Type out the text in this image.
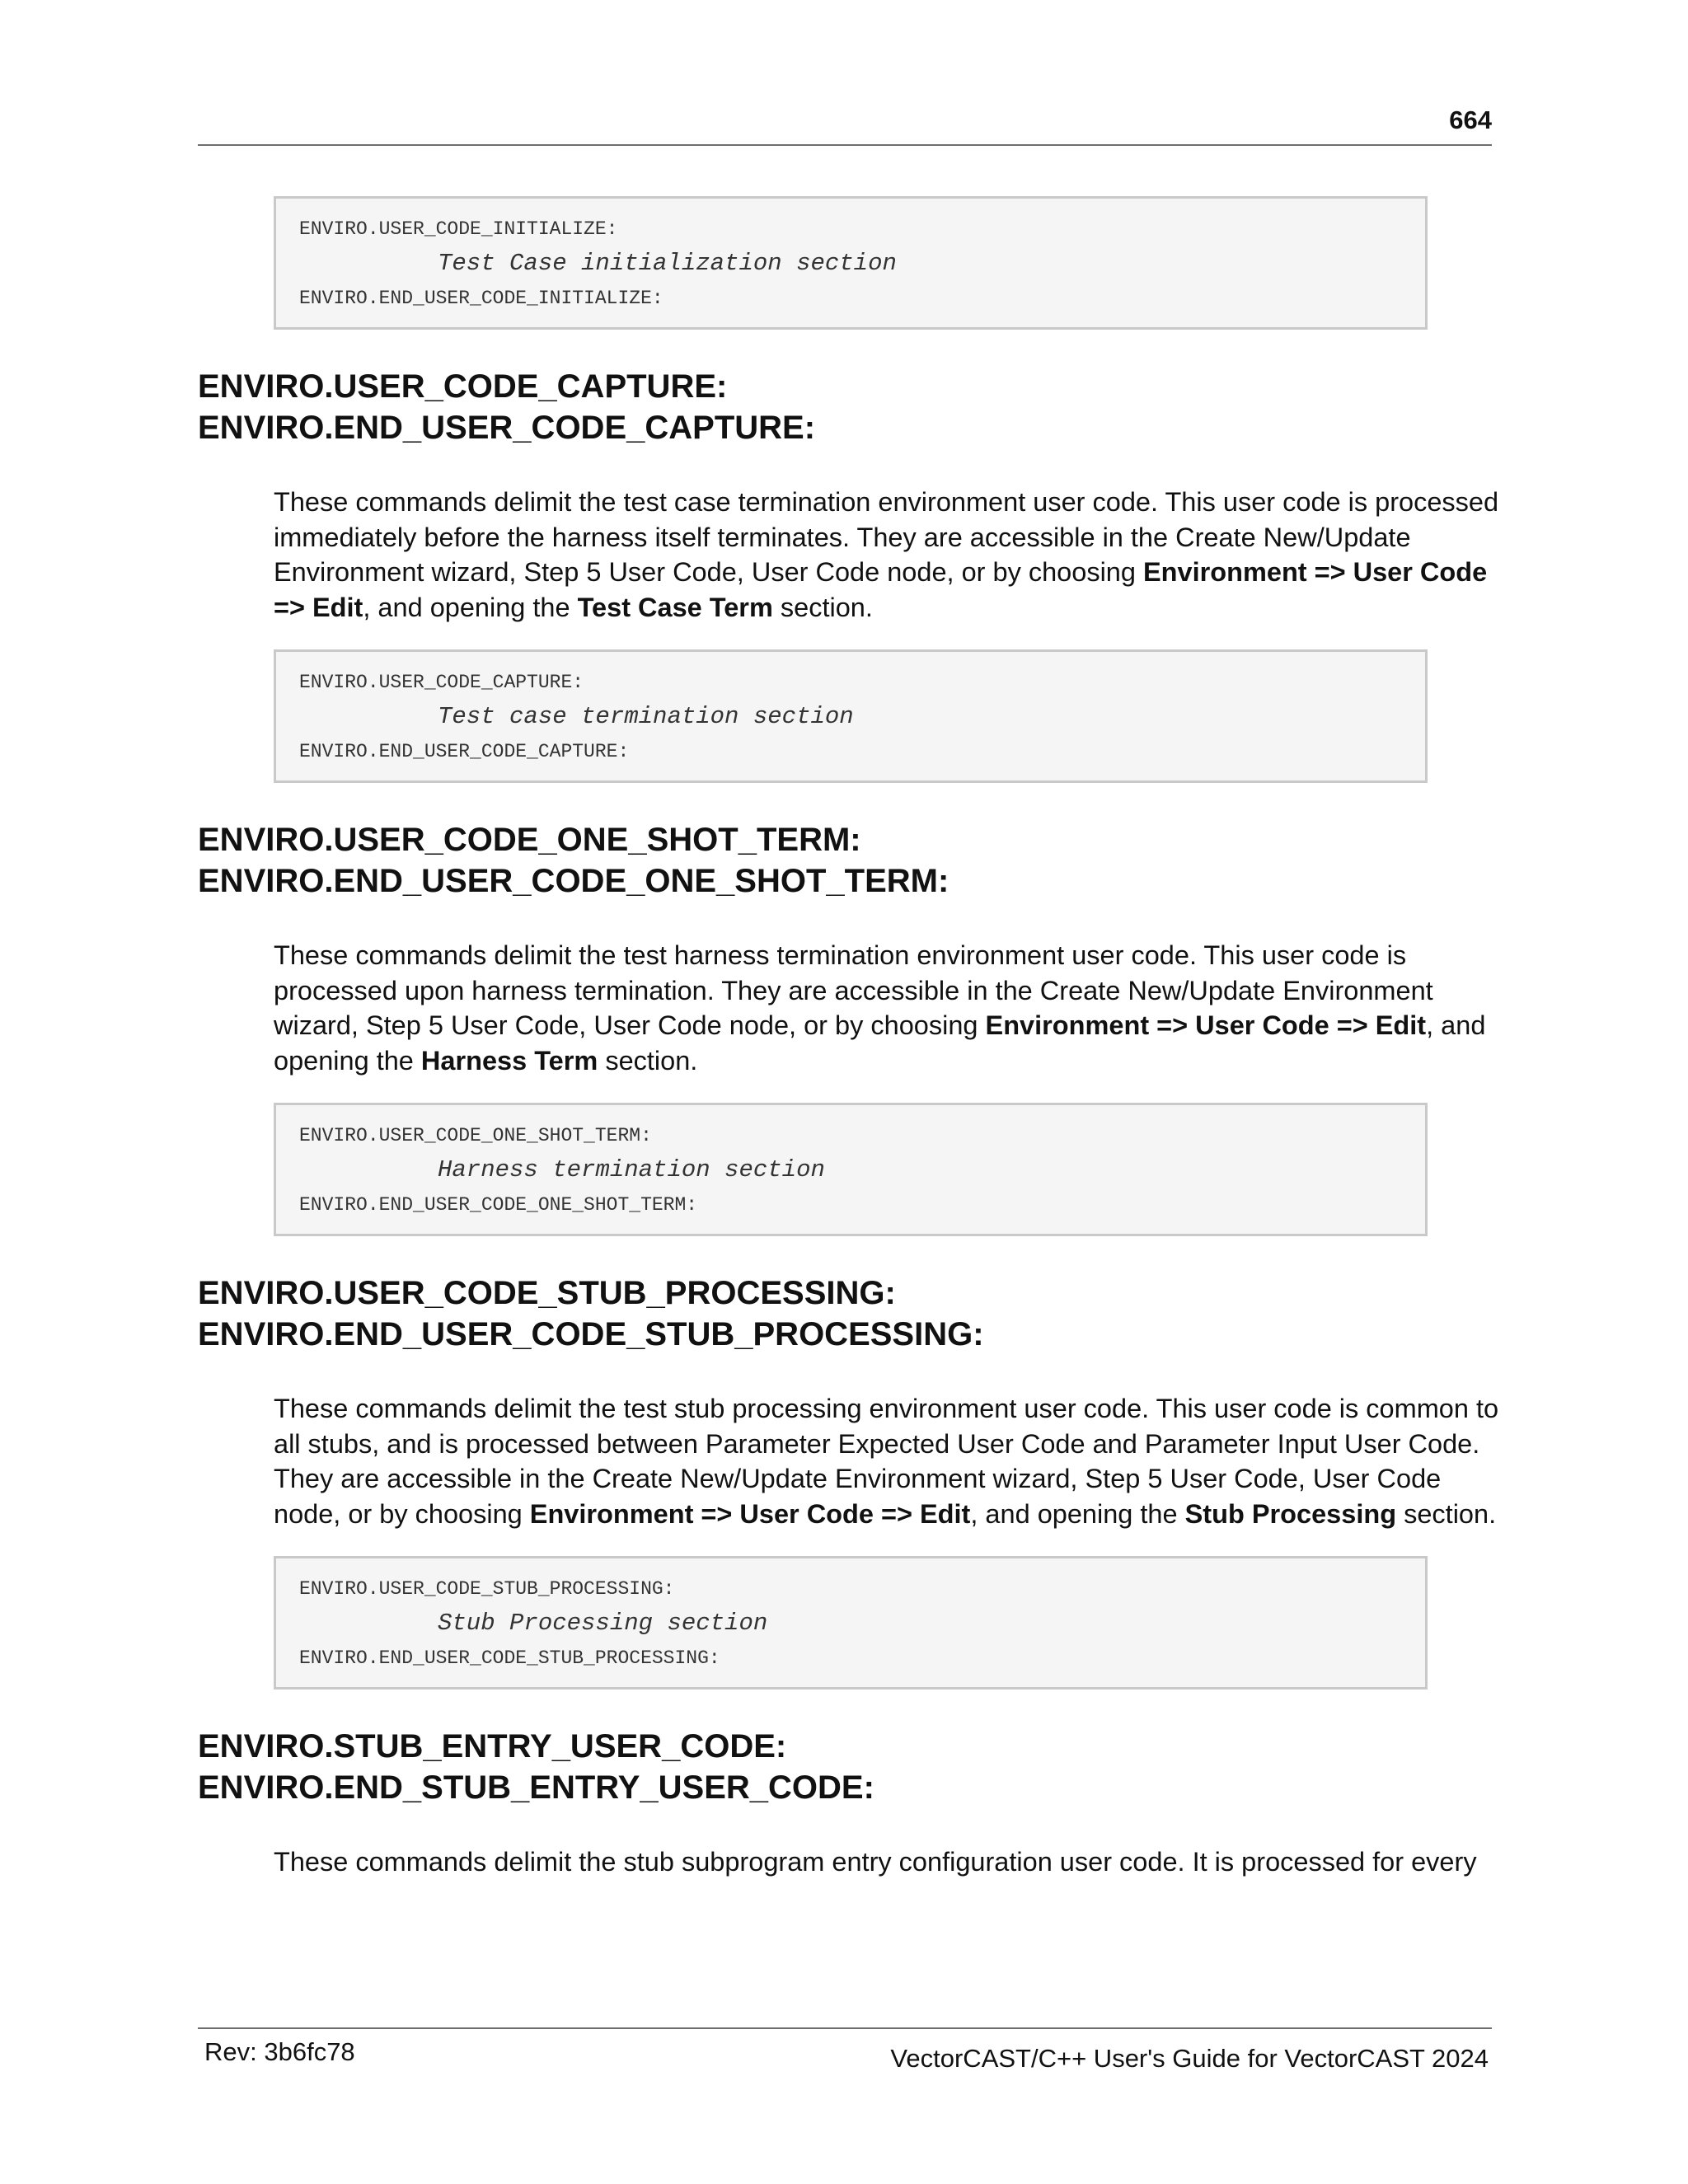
664
ENVIRO.USER_CODE_INITIALIZE:
Test Case initialization section
ENVIRO.END_USER_CODE_INITIALIZE:
ENVIRO.USER_CODE_CAPTURE:
ENVIRO.END_USER_CODE_CAPTURE:
These commands delimit the test case termination environment user code. This user code is processed immediately before the harness itself terminates. They are accessible in the Create New/Update Environment wizard, Step 5 User Code, User Code node, or by choosing Environment => User Code => Edit, and opening the Test Case Term section.
ENVIRO.USER_CODE_CAPTURE:
Test case termination section
ENVIRO.END_USER_CODE_CAPTURE:
ENVIRO.USER_CODE_ONE_SHOT_TERM:
ENVIRO.END_USER_CODE_ONE_SHOT_TERM:
These commands delimit the test harness termination environment user code. This user code is processed upon harness termination. They are accessible in the Create New/Update Environment wizard, Step 5 User Code, User Code node, or by choosing Environment => User Code => Edit, and opening the Harness Term section.
ENVIRO.USER_CODE_ONE_SHOT_TERM:
Harness termination section
ENVIRO.END_USER_CODE_ONE_SHOT_TERM:
ENVIRO.USER_CODE_STUB_PROCESSING:
ENVIRO.END_USER_CODE_STUB_PROCESSING:
These commands delimit the test stub processing environment user code. This user code is common to all stubs, and is processed between Parameter Expected User Code and Parameter Input User Code. They are accessible in the Create New/Update Environment wizard, Step 5 User Code, User Code node, or by choosing Environment => User Code => Edit, and opening the Stub Processing section.
ENVIRO.USER_CODE_STUB_PROCESSING:
Stub Processing section
ENVIRO.END_USER_CODE_STUB_PROCESSING:
ENVIRO.STUB_ENTRY_USER_CODE:
ENVIRO.END_STUB_ENTRY_USER_CODE:
These commands delimit the stub subprogram entry configuration user code. It is processed for every
Rev: 3b6fc78	VectorCAST/C++ User's Guide for VectorCAST 2024
